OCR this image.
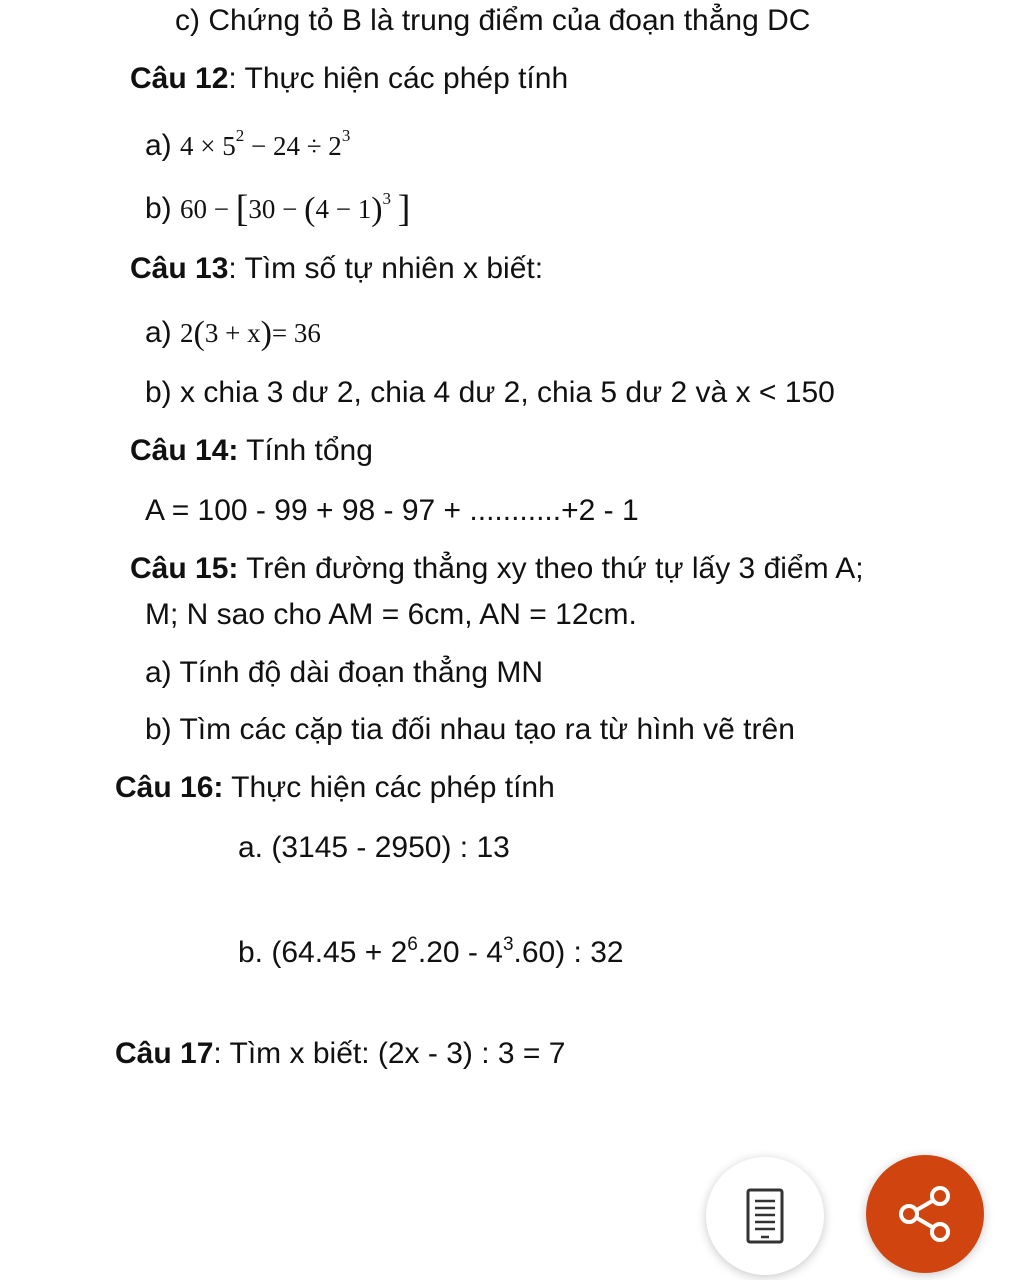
c) Chứng tỏ B là trung điểm của đoạn thẳng DC
Câu 12: Thực hiện các phép tính
a) $4 \times 5^2 - 24 \div 2^3$
b) $60 - [30 - (4 - 1)^3$ ]
Câu 13: Tìm số tự nhiên x biết:
a) 2(3 + x)= 36
b) x chia 3 dư 2, chia 4 dư 2, chia 5 dư 2 và x < 150
Câu 14: Tính tổng
A = 100 - 99 + 98 - 97 + ...........+2 - 1
Câu 15: Trên đường thẳng xy theo thứ tự lấy 3 điểm A;
M; N sao cho AM = 6cm, AN = 12cm.
a) Tính độ dài đoạn thẳng MN
b) Tìm các cặp tia đối nhau tạo ra từ hình vẽ trên
Câu 16: Thực hiện các phép tính
a. (3145 - 2950) : 13
b. $(64.45 + 2^6.20 - 4^3.60)$ : 32
Câu 17: Tìm x biết: (2x - 3) : 3 = 7
